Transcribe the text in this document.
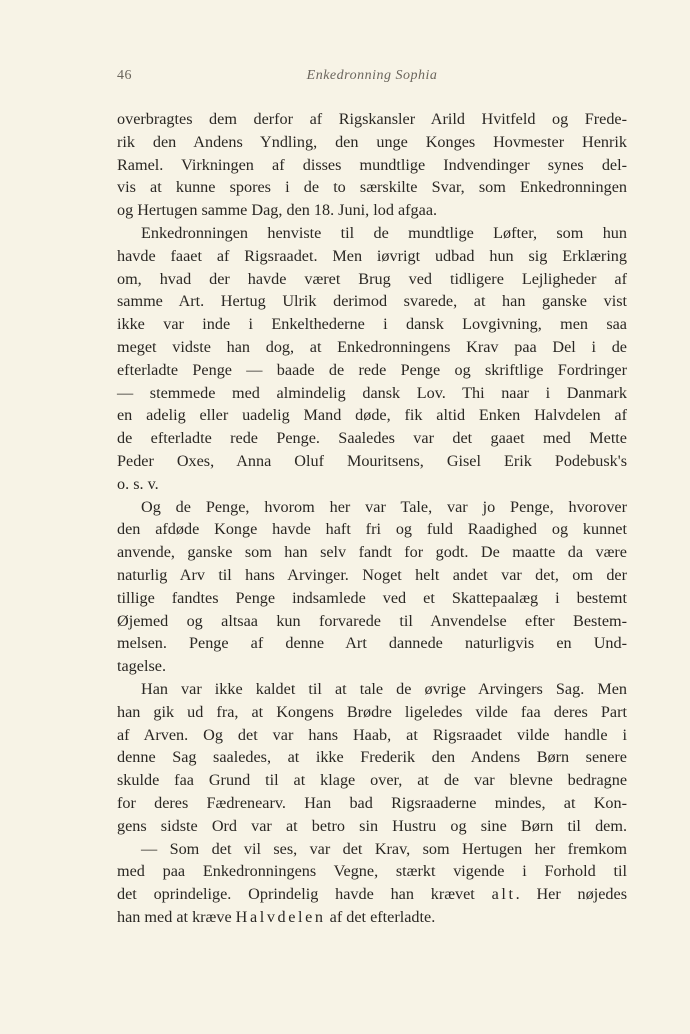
46	Enkedronning Sophia
overbragtes dem derfor af Rigskansler Arild Hvitfeld og Frede-
rik den Andens Yndling, den unge Konges Hovmester Henrik
Ramel. Virkningen af disses mundtlige Indvendinger synes del-
vis at kunne spores i de to særskilte Svar, som Enkedronningen
og Hertugen samme Dag, den 18. Juni, lod afgaa.
Enkedronningen henviste til de mundtlige Løfter, som hun
havde faaet af Rigsraadet. Men iøvrigt udbad hun sig Erklæring
om, hvad der havde været Brug ved tidligere Lejligheder af
samme Art. Hertug Ulrik derimod svarede, at han ganske vist
ikke var inde i Enkelthederne i dansk Lovgivning, men saa
meget vidste han dog, at Enkedronningens Krav paa Del i de
efterladte Penge — baade de rede Penge og skriftlige Fordringer
— stemmede med almindelig dansk Lov. Thi naar i Danmark
en adelig eller uadelig Mand døde, fik altid Enken Halvdelen af
de efterladte rede Penge. Saaledes var det gaaet med Mette
Peder Oxes, Anna Oluf Mouritsens, Gisel Erik Podebusk's
o. s. v.
Og de Penge, hvorom her var Tale, var jo Penge, hvorover
den afdøde Konge havde haft fri og fuld Raadighed og kunnet
anvende, ganske som han selv fandt for godt. De maatte da være
naturlig Arv til hans Arvinger. Noget helt andet var det, om der
tillige fandtes Penge indsamlede ved et Skattepaalæg i bestemt
Øjemed og altsaa kun forvarede til Anvendelse efter Bestem-
melsen. Penge af denne Art dannede naturligvis en Und-
tagelse.
Han var ikke kaldet til at tale de øvrige Arvingers Sag. Men
han gik ud fra, at Kongens Brødre ligeledes vilde faa deres Part
af Arven. Og det var hans Haab, at Rigsraadet vilde handle i
denne Sag saaledes, at ikke Frederik den Andens Børn senere
skulde faa Grund til at klage over, at de var blevne bedragne
for deres Fædrenearv. Han bad Rigsraaderne mindes, at Kon-
gens sidste Ord var at betro sin Hustru og sine Børn til dem.
— Som det vil ses, var det Krav, som Hertugen her fremkom
med paa Enkedronningens Vegne, stærkt vigende i Forhold til
det oprindelige. Oprindelig havde han krævet alt. Her nøjedes
han med at kræve Halvdelen af det efterladte.
